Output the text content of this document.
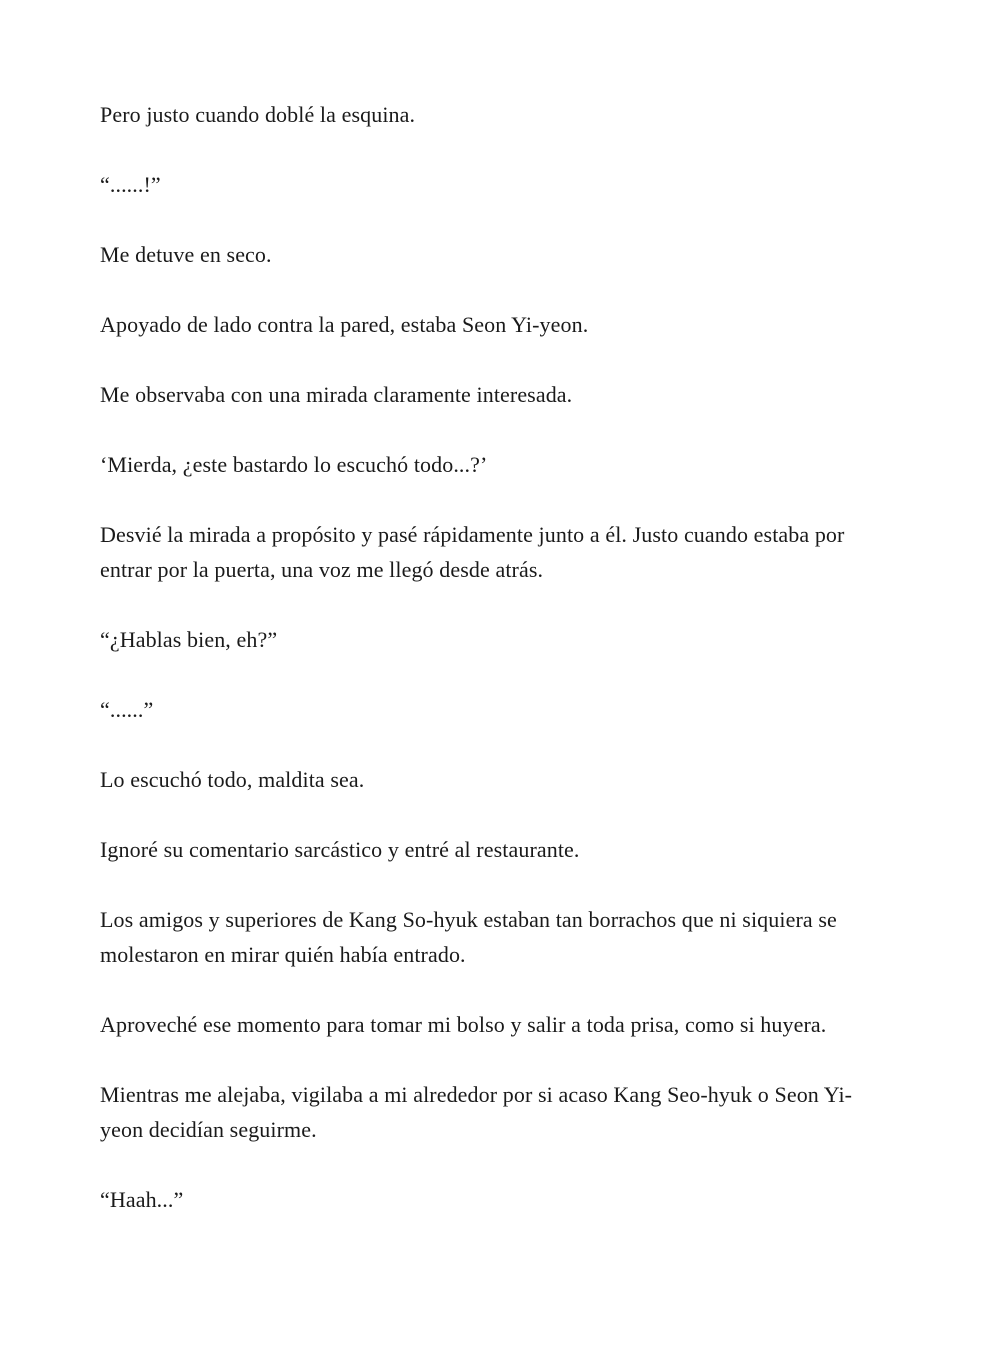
Pero justo cuando doblé la esquina.

“......!”

Me detuve en seco.

Apoyado de lado contra la pared, estaba Seon Yi-yeon.

Me observaba con una mirada claramente interesada.

‘Mierda, ¿este bastardo lo escuchó todo...?’

Desvié la mirada a propósito y pasé rápidamente junto a él. Justo cuando estaba por entrar por la puerta, una voz me llegó desde atrás.

“¿Hablas bien, eh?”

“......”

Lo escuchó todo, maldita sea.

Ignoré su comentario sarcástico y entré al restaurante.

Los amigos y superiores de Kang So-hyuk estaban tan borrachos que ni siquiera se molestaron en mirar quién había entrado.

Aproveché ese momento para tomar mi bolso y salir a toda prisa, como si huyera.

Mientras me alejaba, vigilaba a mi alrededor por si acaso Kang Seo-hyuk o Seon Yi-yeon decidían seguirme.

“Haah...”
